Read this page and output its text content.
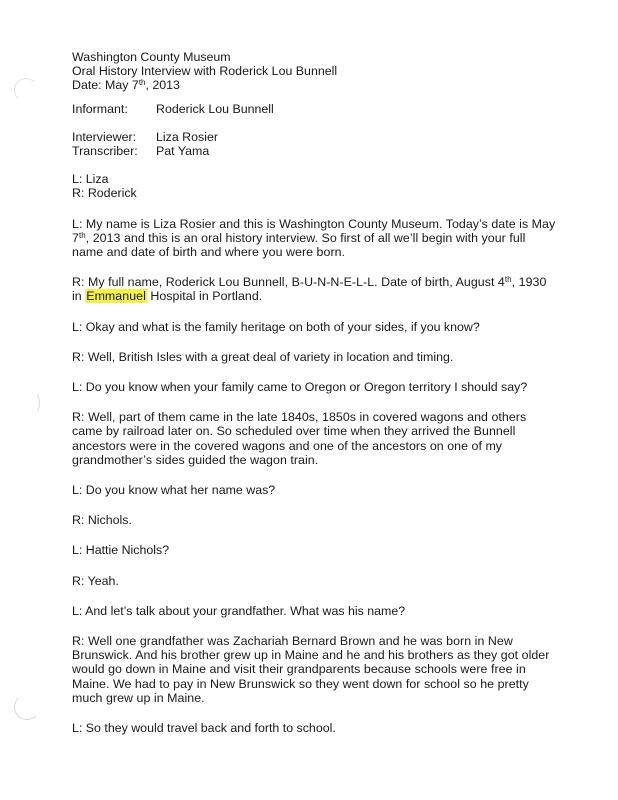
Washington County Museum
Oral History Interview with Roderick Lou Bunnell
Date: May 7th, 2013
Informant:	Roderick Lou Bunnell
Interviewer:	Liza Rosier
Transcriber:	Pat Yama
L: Liza
R: Roderick
L: My name is Liza Rosier and this is Washington County Museum. Today’s date is May
7th, 2013 and this is an oral history interview. So first of all we’ll begin with your full
name and date of birth and where you were born.
R: My full name, Roderick Lou Bunnell, B-U-N-N-E-L-L. Date of birth, August 4th, 1930
in Emmanuel Hospital in Portland.
L: Okay and what is the family heritage on both of your sides, if you know?
R: Well, British Isles with a great deal of variety in location and timing.
L: Do you know when your family came to Oregon or Oregon territory I should say?
R: Well, part of them came in the late 1840s, 1850s in covered wagons and others
came by railroad later on. So scheduled over time when they arrived the Bunnell
ancestors were in the covered wagons and one of the ancestors on one of my
grandmother’s sides guided the wagon train.
L: Do you know what her name was?
R: Nichols.
L: Hattie Nichols?
R: Yeah.
L: And let’s talk about your grandfather. What was his name?
R: Well one grandfather was Zachariah Bernard Brown and he was born in New
Brunswick. And his brother grew up in Maine and he and his brothers as they got older
would go down in Maine and visit their grandparents because schools were free in
Maine. We had to pay in New Brunswick so they went down for school so he pretty
much grew up in Maine.
L: So they would travel back and forth to school.
